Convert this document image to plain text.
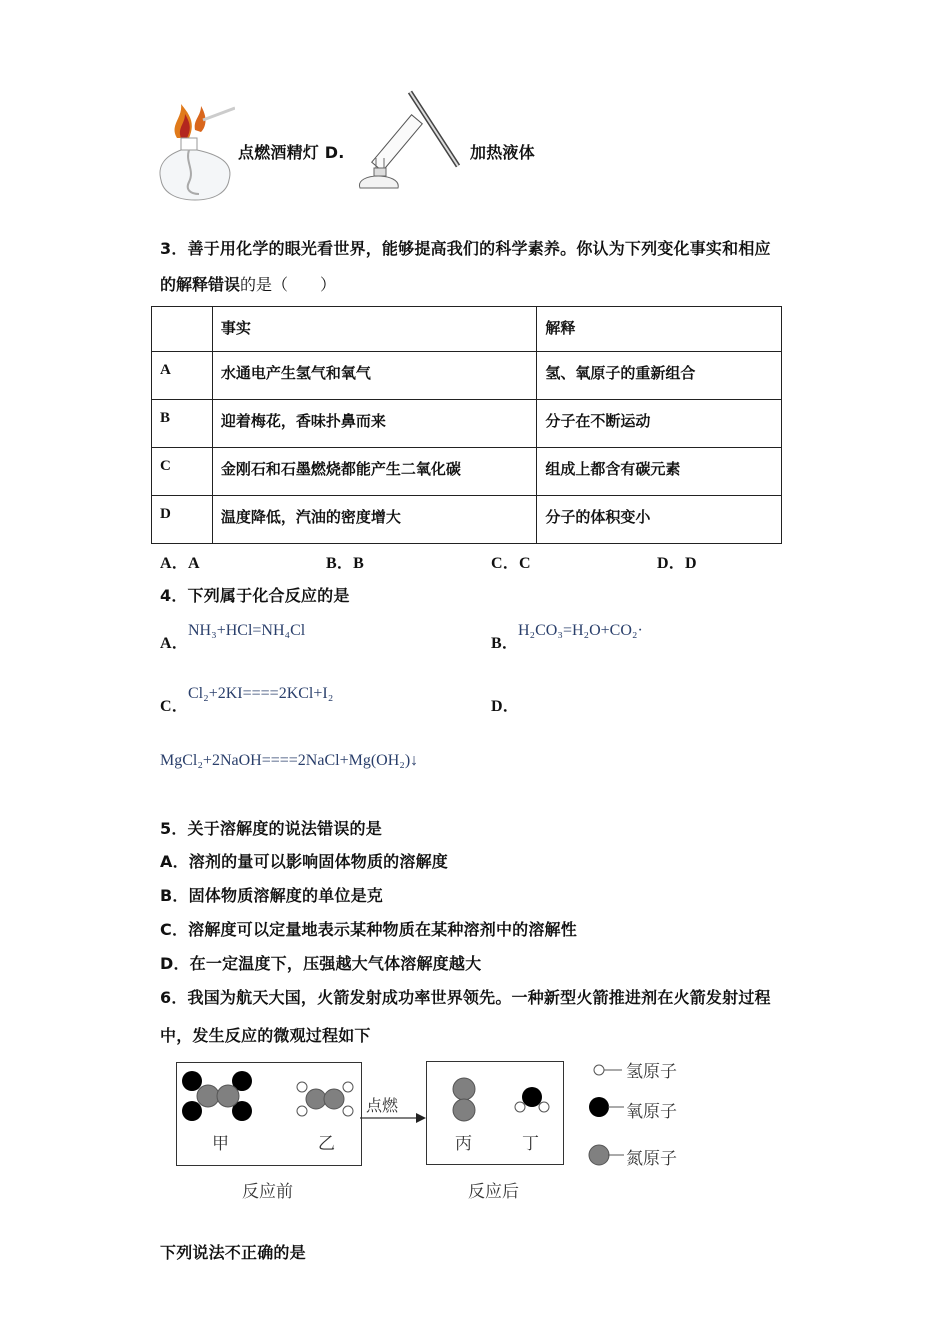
点燃酒精灯 D.	加热液体
3．善于用化学的眼光看世界，能够提高我们的科学素养。你认为下列变化事实和相应
的解释错误的是（　　）
	事实	解释
A	水通电产生氢气和氧气	氢、氧原子的重新组合
B	迎着梅花，香味扑鼻而来	分子在不断运动
C	金刚石和石墨燃烧都能产生二氧化碳	组成上都含有碳元素
D	温度降低，汽油的密度增大	分子的体积变小
A．A	B．B	C．C	D．D
4．下列属于化合反应的是
A．
NH₃+HCl=NH₄Cl
B．
H₂CO₃=H₂O+CO₂·
C．
Cl₂+2KI====2KCl+I₂
D．
MgCl₂+2NaOH====2NaCl+Mg(OH₂)↓
5．关于溶解度的说法错误的是
A．溶剂的量可以影响固体物质的溶解度
B．固体物质溶解度的单位是克
C．溶解度可以定量地表示某种物质在某种溶剂中的溶解性
D．在一定温度下，压强越大气体溶解度越大
6．我国为航天大国，火箭发射成功率世界领先。一种新型火箭推进剂在火箭发射过程
中，发生反应的微观过程如下
甲	乙
点燃
丙	丁
反应前	反应后
氢原子
氧原子
氮原子
下列说法不正确的是
